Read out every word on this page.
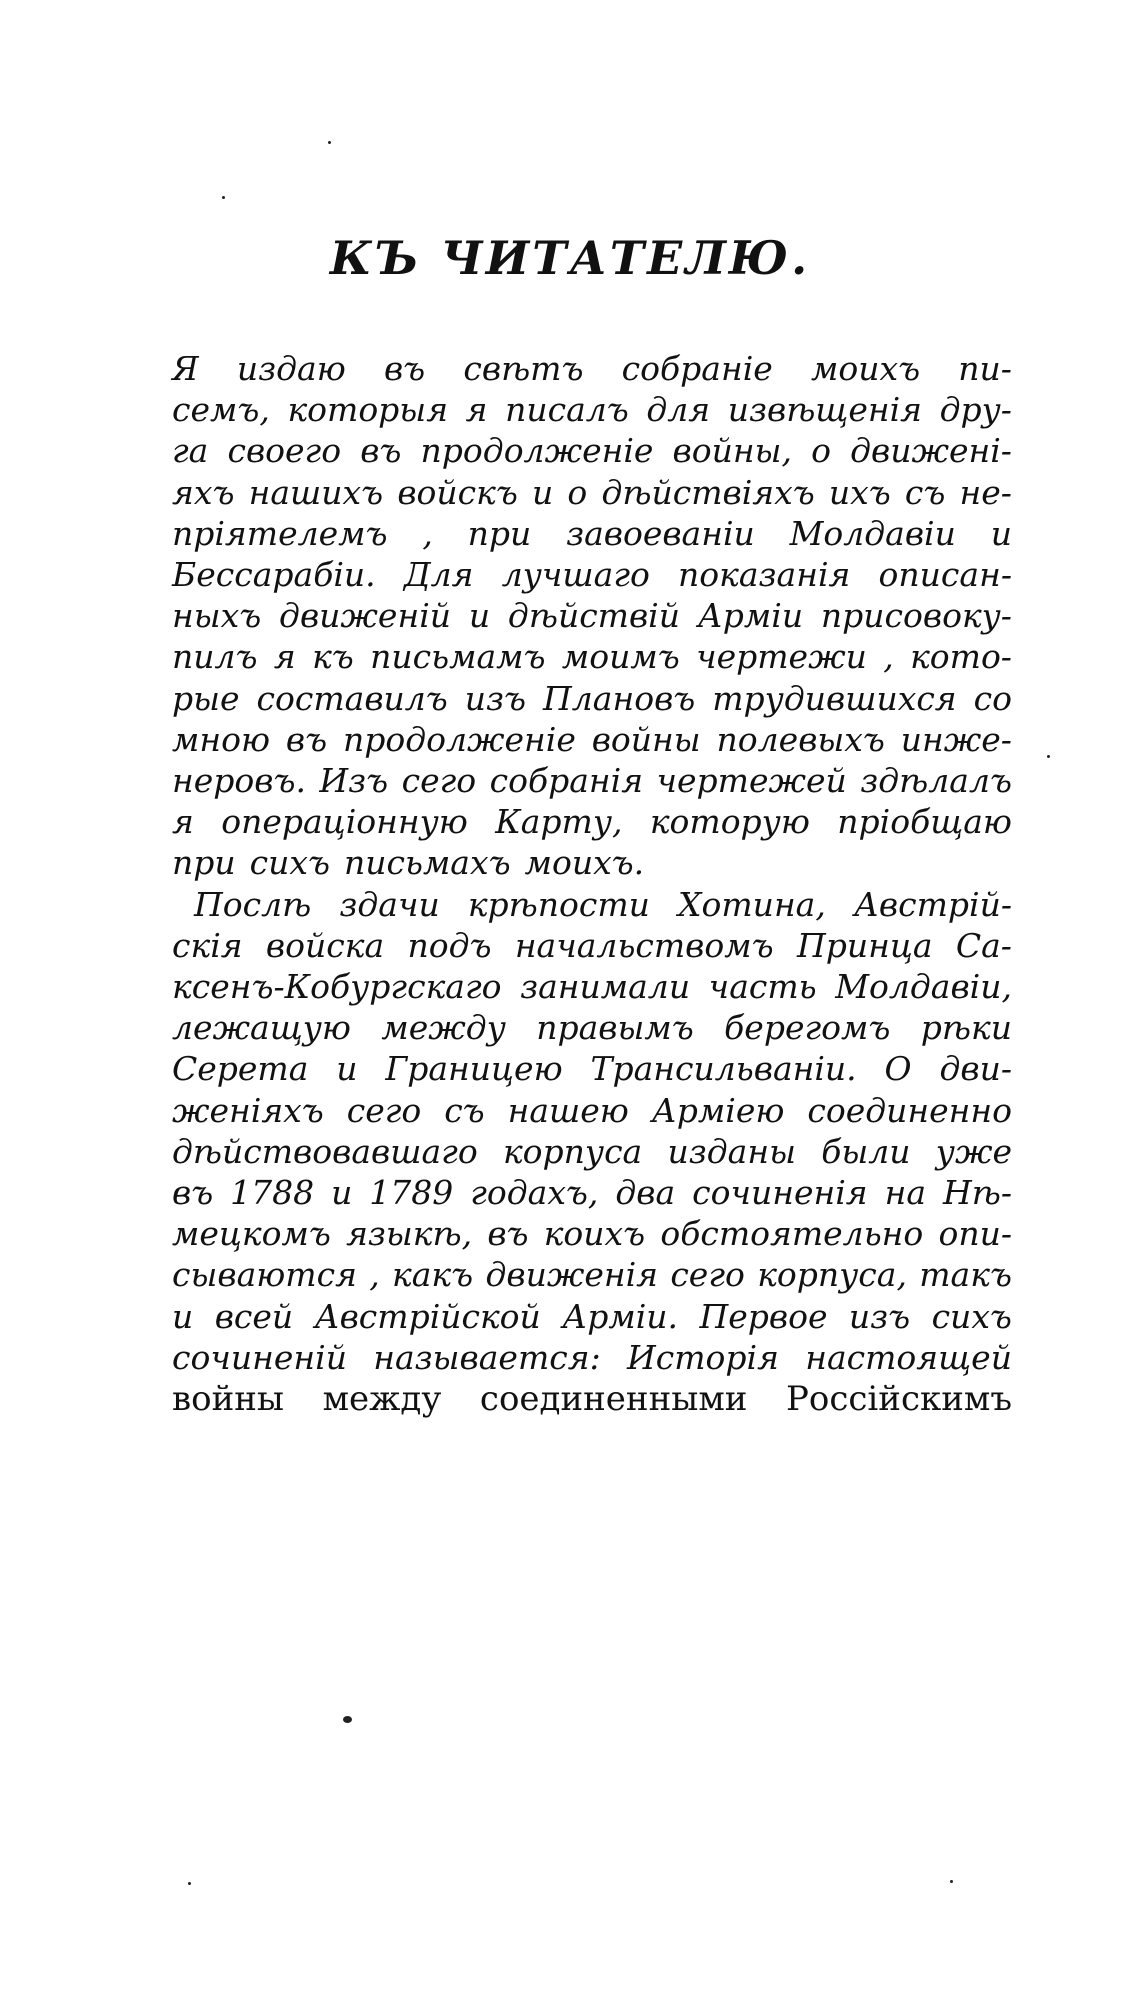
КЪ ЧИТАТЕЛЮ.
Я издаю въ свѣтъ собраніе моихъ пи-
семъ, которыя я писалъ для извѣщенія дру-
га своего въ продолженіе войны, о движені-
яхъ нашихъ войскъ и о дѣйствіяхъ ихъ съ не-
пріятелемъ , при завоеваніи Молдавіи и
Бессарабіи. Для лучшаго показанія описан-
ныхъ движеній и дѣйствій Арміи присовоку-
пилъ я къ письмамъ моимъ чертежи , кото-
рые составилъ изъ Плановъ трудившихся со
мною въ продолженіе войны полевыхъ инже-
неровъ. Изъ сего собранія чертежей здѣлалъ
я операціонную Карту, которую пріобщаю
при сихъ письмахъ моихъ.
Послѣ здачи крѣпости Хотина, Австрій-
скія войска подъ начальствомъ Принца Са-
ксенъ-Кобургскаго занимали часть Молдавіи,
лежащую между правымъ берегомъ рѣки
Серета и Границею Трансильваніи. О дви-
женіяхъ сего съ нашею Арміею соединенно
дѣйствовавшаго корпуса изданы были уже
въ 1788 и 1789 годахъ, два сочиненія на Нѣ-
мецкомъ языкѣ, въ коихъ обстоятельно опи-
сываются , какъ движенія сего корпуса, такъ
и всей Австрійской Арміи. Первое изъ сихъ
сочиненій называется: Исторія настоящей
войны между соединенными Россійскимъ
